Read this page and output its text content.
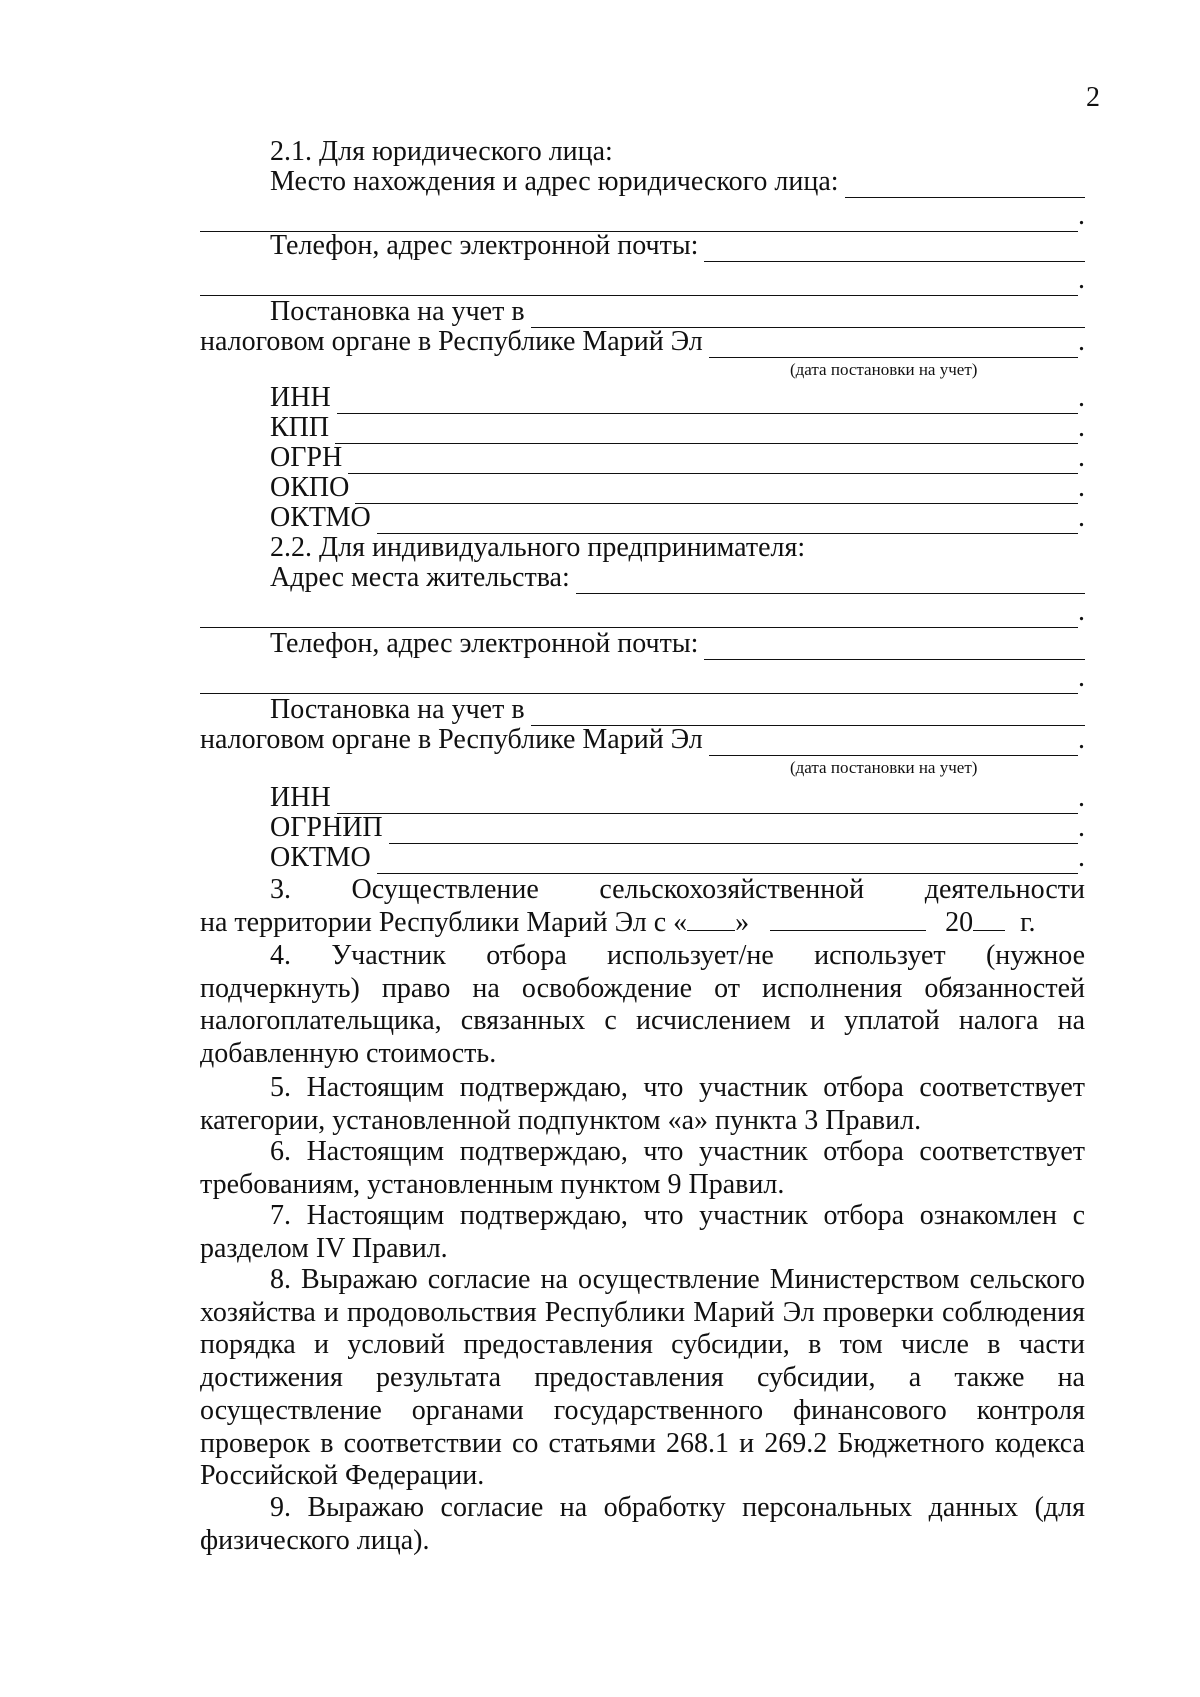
2
2.1. Для юридического лица:
Место нахождения и адрес юридического лица:
.
Телефон, адрес электронной почты:
.
Постановка на учет в
налоговом органе в Республике Марий Эл	.
(дата постановки на учет)
ИНН	.
КПП	.
ОГРН	.
ОКПО	.
ОКТМО	.
2.2. Для индивидуального предпринимателя:
Адрес места жительства:
.
Телефон, адрес электронной почты:
.
Постановка на учет в
налоговом органе в Республике Марий Эл	.
(дата постановки на учет)
ИНН	.
ОГРНИП	.
ОКТМО	.
3. Осуществление сельскохозяйственной деятельности
на территории Республики Марий Эл с « »	20 г.
4. Участник отбора использует/не использует (нужное подчеркнуть) право на освобождение от исполнения обязанностей налогоплательщика, связанных с исчислением и уплатой налога на добавленную стоимость.
5. Настоящим подтверждаю, что участник отбора соответствует категории, установленной подпунктом «а» пункта 3 Правил.
6. Настоящим подтверждаю, что участник отбора соответствует требованиям, установленным пунктом 9 Правил.
7. Настоящим подтверждаю, что участник отбора ознакомлен с разделом IV Правил.
8. Выражаю согласие на осуществление Министерством сельского хозяйства и продовольствия Республики Марий Эл проверки соблюдения порядка и условий предоставления субсидии, в том числе в части достижения результата предоставления субсидии, а также на осуществление органами государственного финансового контроля проверок в соответствии со статьями 268.1 и 269.2 Бюджетного кодекса Российской Федерации.
9. Выражаю согласие на обработку персональных данных (для физического лица).
